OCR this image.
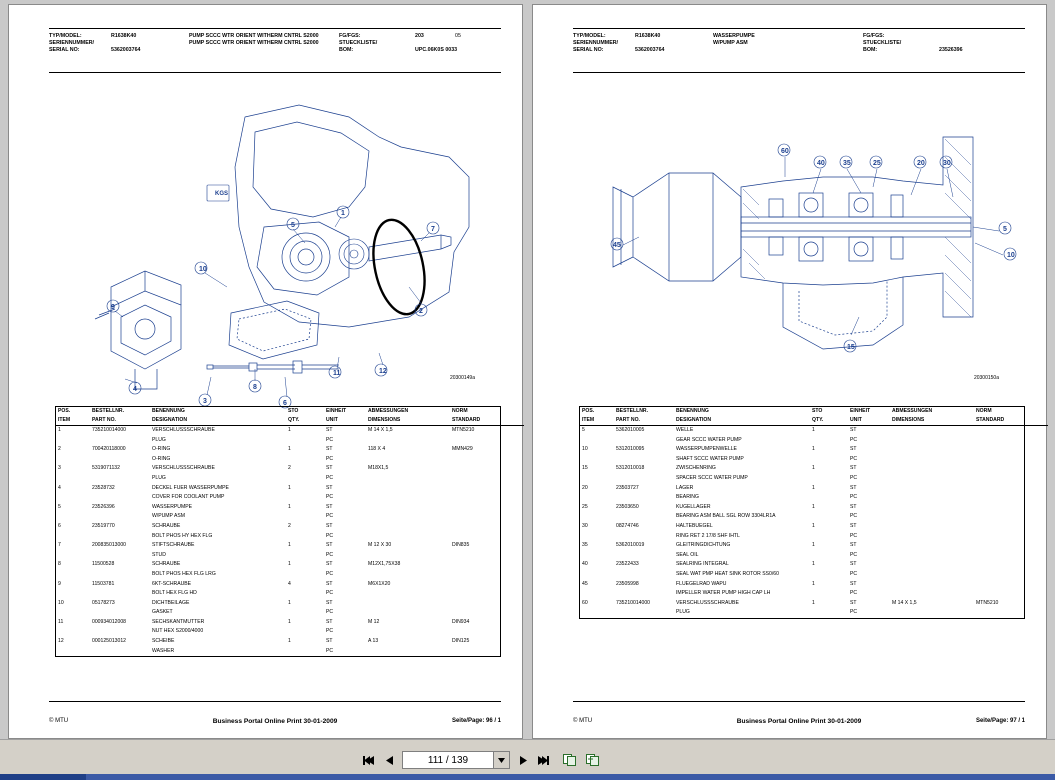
TYP/MODEL:	R1638K40	PUMP SCCC WTR ORIENT WITHERM CNTRL S2000	FG/FGS:	203	05
SERIENNUMMER/		PUMP SCCC WTR ORIENT WITHERM CNTRL S2000	STUECKLISTE/		
SERIAL NO:	5362003764		BOM:	UPC.06K0S 0033	
1
2
3
4
5
6
7
8
9
10
11	12
KGS
20300149a
POS.	BESTELLNR.	BENENNUNG	STO	EINHEIT	ABMESSUNGEN	NORM
ITEM	PART NO.	DESIGNATION	QTY.	UNIT	DIMENSIONS	STANDARD
1	735210014000	VERSCHLUSSSCHRAUBE	1	ST	M 14 X 1,5	MTN5210
		PLUG		PC		
2	700420118000	O-RING	1	ST	118 X 4	MMN429
		O-RING		PC		
3	5319071132	VERSCHLUSSSCHRAUBE	2	ST	M18X1,5	
		PLUG		PC		
4	23528732	DECKEL FUER WASSERPUMPE	1	ST		
		COVER FOR COOLANT PUMP		PC		
5	23526396	WASSERPUMPE	1	ST		
		W/PUMP ASM		PC		
6	23519770	SCHRAUBE	2	ST		
		BOLT PHOS HY HEX FLG		PC		
7	200835013000	STIFTSCHRAUBE	1	ST	M 12 X 30	DIN835
		STUD		PC		
8	11500528	SCHRAUBE	1	ST	M12X1,75X38	
		BOLT PHOS HEX FLG LRG		PC		
9	11503781	6KT-SCHRAUBE	4	ST	M6X1X20	
		BOLT HEX FLG HD		PC		
10	05178273	DICHTBEILAGE	1	ST		
		GASKET		PC		
11	000934012008	SECHSKANTMUTTER	1	ST	M 12	DIN934
		NUT HEX S2000/4000		PC		
12	000125013012	SCHEIBE	1	ST	A 13	DIN125
		WASHER		PC		
© MTU	Business Portal Online Print 30-01-2009	Seite/Page: 96 / 1
TYP/MODEL:	R1638K40	WASSERPUMPE	FG/FGS:		
SERIENNUMMER/		W/PUMP ASM	STUECKLISTE/		
SERIAL NO:	5362003764		BOM:	23526396	
60
40	35	25	20	30
5
10
45
15
20300150a
POS.	BESTELLNR.	BENENNUNG	STO	EINHEIT	ABMESSUNGEN	NORM
ITEM	PART NO.	DESIGNATION	QTY.	UNIT	DIMENSIONS	STANDARD
5	5362010005	WELLE	1	ST		
		GEAR SCCC WATER PUMP		PC		
10	5312010095	WASSERPUMPENWELLE	1	ST		
		SHAFT SCCC WATER PUMP		PC		
15	5312010018	ZWISCHENRING	1	ST		
		SPACER SCCC WATER PUMP		PC		
20	23503727	LAGER	1	ST		
		BEARING		PC		
25	23503650	KUGELLAGER	1	ST		
		BEARING ASM BALL SGL ROW 3304LR1A		PC		
30	08274746	HALTEBUEGEL	1	ST		
		RING RET 2 17/8 SHF IHTL		PC		
35	5362010019	GLEITRINGDICHTUNG	1	ST		
		SEAL OIL		PC		
40	23522433	SEALRING INTEGRAL	1	ST		
		SEAL WAT PMP HEAT SINK ROTOR SS0/60		PC		
45	23505998	FLUEGELRAD WAPU	1	ST		
		IMPELLER WATER PUMP HIGH CAP LH		PC		
60	735210014000	VERSCHLUSSSCHRAUBE	1	ST	M 14 X 1,5	MTN5210
		PLUG		PC		
© MTU	Business Portal Online Print 30-01-2009	Seite/Page: 97 / 1
111 / 139
